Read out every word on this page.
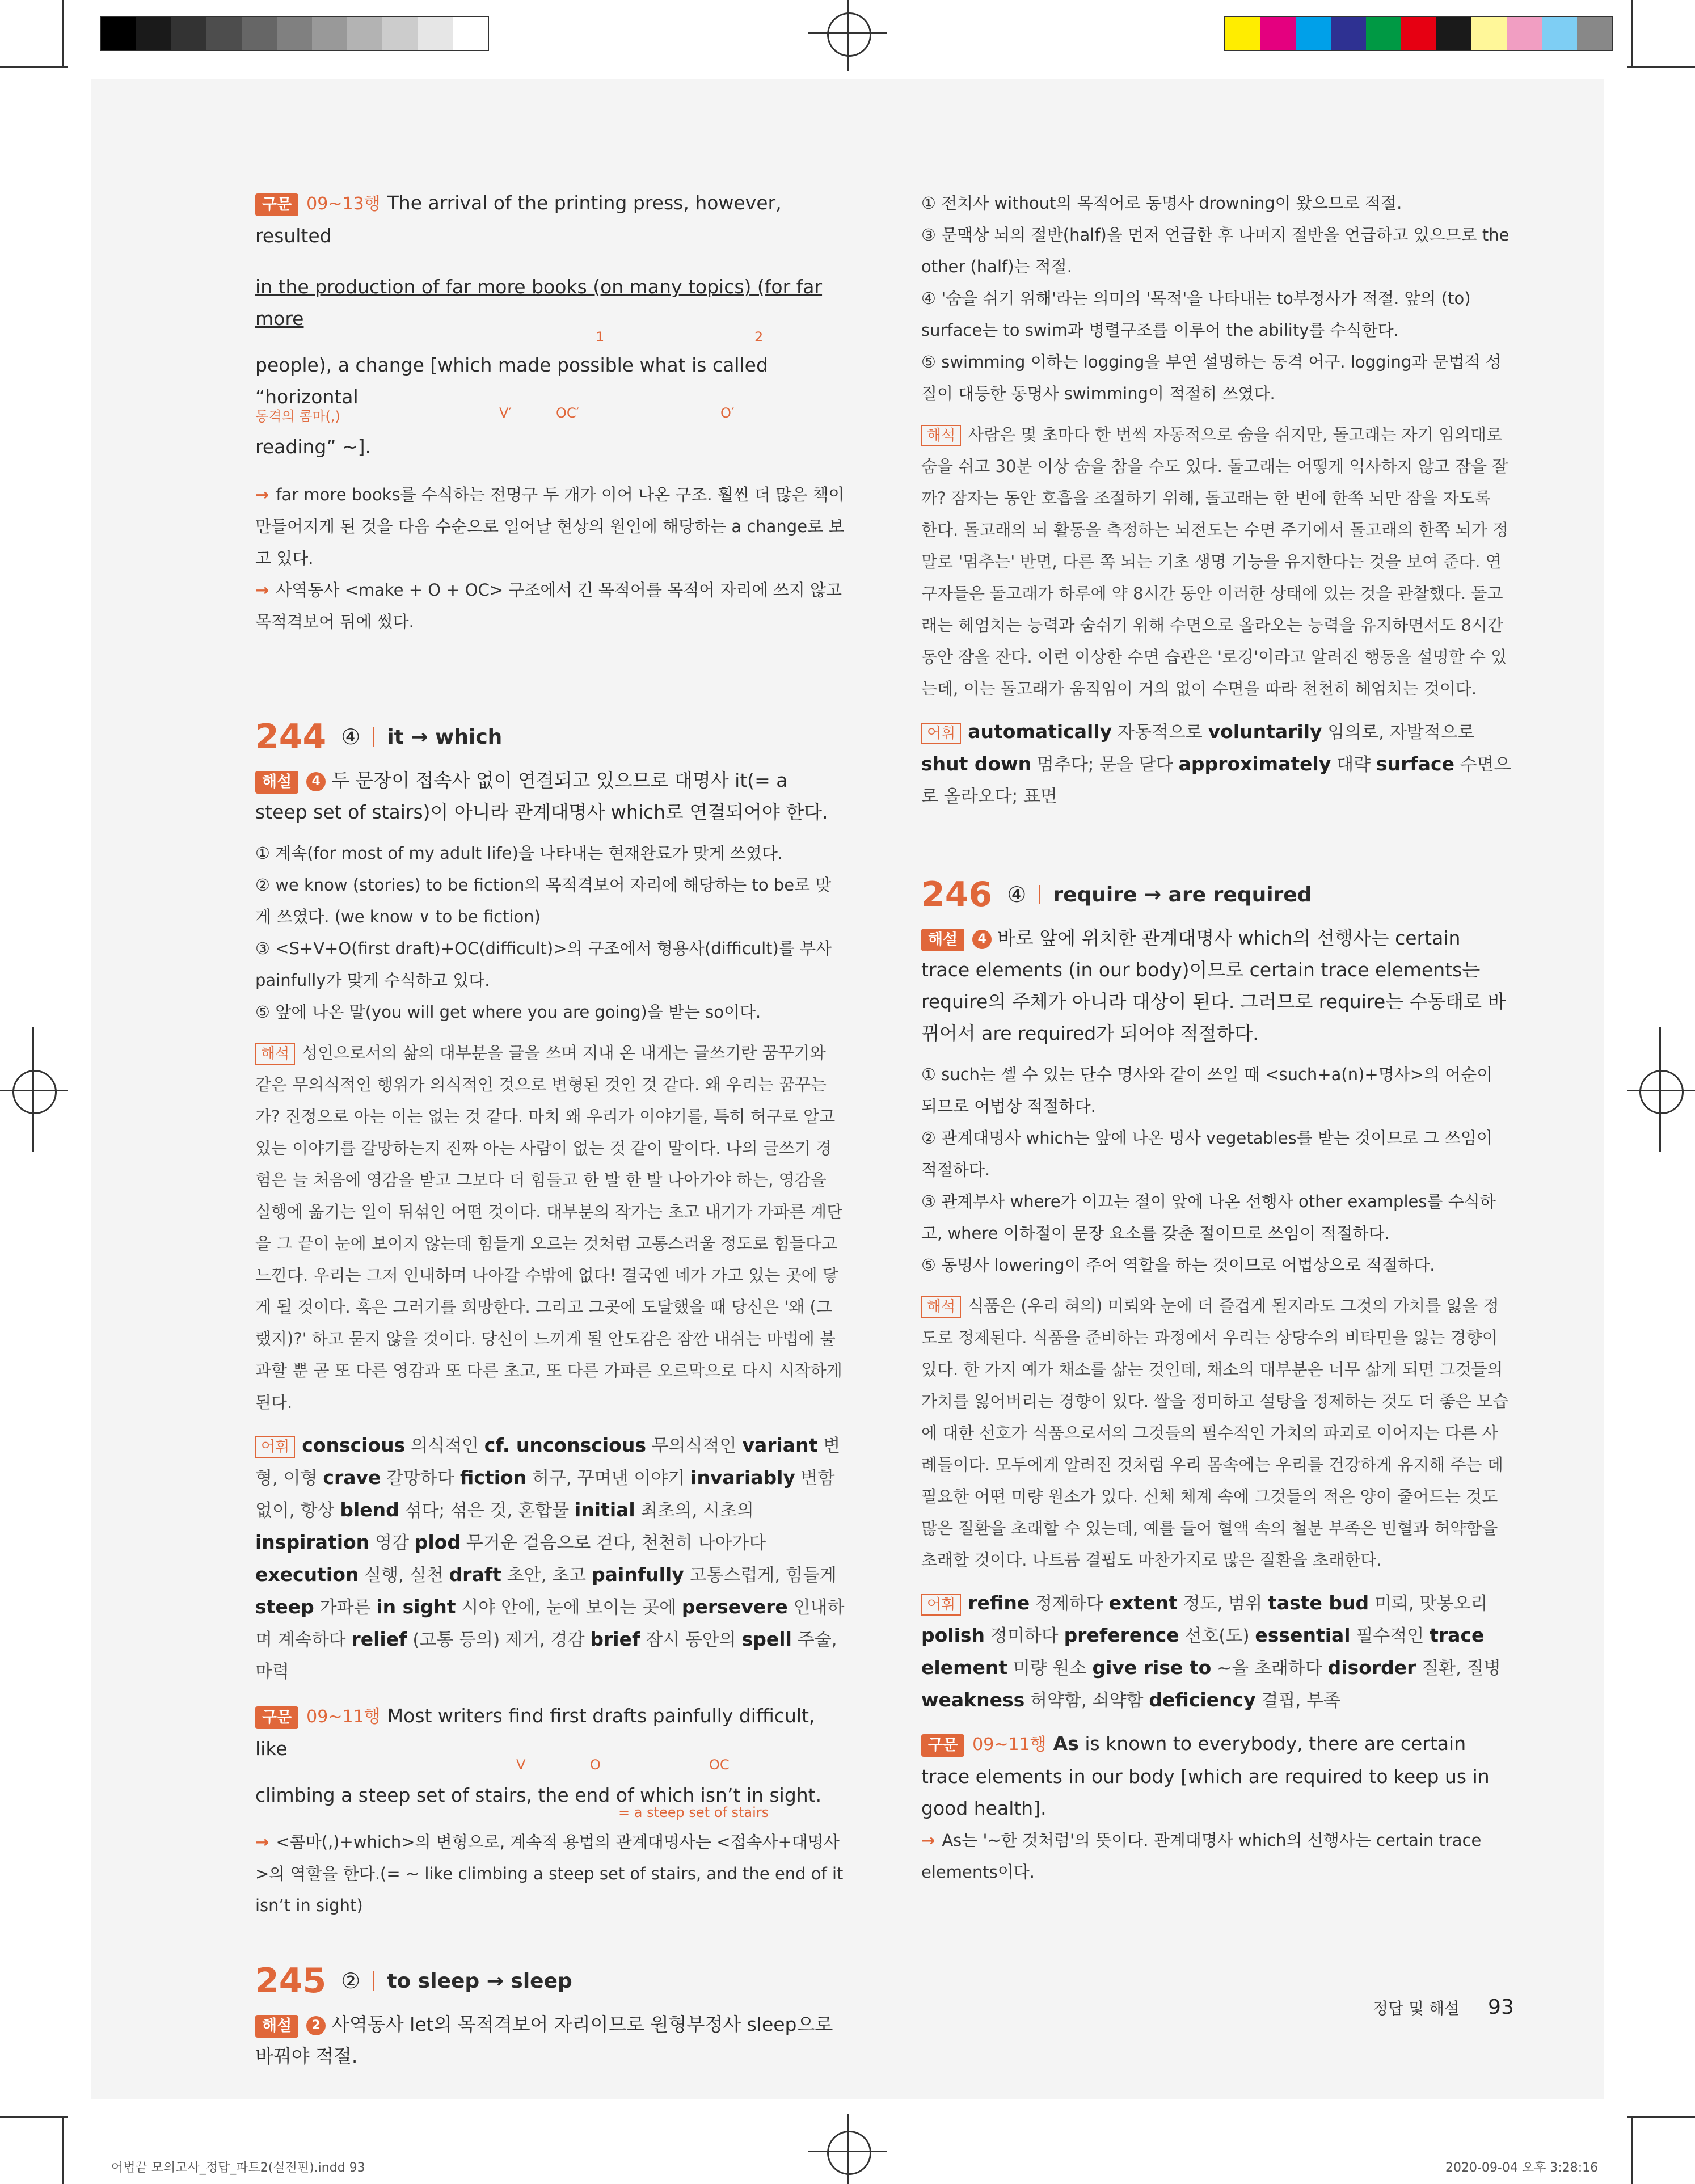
구문 09~13행 The arrival of the printing press, however, resulted

in the production of far more books (on many topics) (for far more

1	2

people), a change [which made possible what is called “horizontal

동격의 콤마(,)	V′	OC′	O′

reading” ~].

→ far more books를 수식하는 전명구 두 개가 이어 나온 구조. 훨씬 더 많은 책이 만들어지게 된 것을 다음 수순으로 일어날 현상의 원인에 해당하는 a change로 보고 있다.

→ 사역동사 <make + O + OC> 구조에서 긴 목적어를 목적어 자리에 쓰지 않고 목적격보어 뒤에 썼다.

244 ④ it → which

해설 4 두 문장이 접속사 없이 연결되고 있으므로 대명사 it(= a steep set of stairs)이 아니라 관계대명사 which로 연결되어야 한다.

① 계속(for most of my adult life)을 나타내는 현재완료가 맞게 쓰였다.

② we know (stories) to be fiction의 목적격보어 자리에 해당하는 to be로 맞게 쓰였다. (we know ∨ to be fiction)

③ <S+V+O(first draft)+OC(difficult)>의 구조에서 형용사(difficult)를 부사 painfully가 맞게 수식하고 있다.

⑤ 앞에 나온 말(you will get where you are going)을 받는 so이다.

해석 성인으로서의 삶의 대부분을 글을 쓰며 지내 온 내게는 글쓰기란 꿈꾸기와 같은 무의식적인 행위가 의식적인 것으로 변형된 것인 것 같다. 왜 우리는 꿈꾸는가? 진정으로 아는 이는 없는 것 같다. 마치 왜 우리가 이야기를, 특히 허구로 알고 있는 이야기를 갈망하는지 진짜 아는 사람이 없는 것 같이 말이다. 나의 글쓰기 경험은 늘 처음에 영감을 받고 그보다 더 힘들고 한 발 한 발 나아가야 하는, 영감을 실행에 옮기는 일이 뒤섞인 어떤 것이다. 대부분의 작가는 초고 내기가 가파른 계단을 그 끝이 눈에 보이지 않는데 힘들게 오르는 것처럼 고통스러울 정도로 힘들다고 느낀다. 우리는 그저 인내하며 나아갈 수밖에 없다! 결국엔 네가 가고 있는 곳에 닿게 될 것이다. 혹은 그러기를 희망한다. 그리고 그곳에 도달했을 때 당신은 '왜 (그랬지)?' 하고 묻지 않을 것이다. 당신이 느끼게 될 안도감은 잠깐 내쉬는 마법에 불과할 뿐 곧 또 다른 영감과 또 다른 초고, 또 다른 가파른 오르막으로 다시 시작하게 된다.

어휘 conscious 의식적인 cf. unconscious 무의식적인 variant 변형, 이형 crave 갈망하다 fiction 허구, 꾸며낸 이야기 invariably 변함없이, 항상 blend 섞다; 섞은 것, 혼합물 initial 최초의, 시초의 inspiration 영감 plod 무거운 걸음으로 걷다, 천천히 나아가다 execution 실행, 실천 draft 초안, 초고 painfully 고통스럽게, 힘들게 steep 가파른 in sight 시야 안에, 눈에 보이는 곳에 persevere 인내하며 계속하다 relief (고통 등의) 제거, 경감 brief 잠시 동안의 spell 주술, 마력

구문 09~11행 Most writers find first drafts painfully difficult, like

V	O	OC

climbing a steep set of stairs, the end of which isn’t in sight.

= a steep set of stairs

→ <콤마(,)+which>의 변형으로, 계속적 용법의 관계대명사는 <접속사+대명사>의 역할을 한다.(= ~ like climbing a steep set of stairs, and the end of it isn’t in sight)

245 ② to sleep → sleep

해설 2 사역동사 let의 목적격보어 자리이므로 원형부정사 sleep으로 바꿔야 적절.

① 전치사 without의 목적어로 동명사 drowning이 왔으므로 적절.

③ 문맥상 뇌의 절반(half)을 먼저 언급한 후 나머지 절반을 언급하고 있으므로 the other (half)는 적절.

④ '숨을 쉬기 위해'라는 의미의 '목적'을 나타내는 to부정사가 적절. 앞의 (to) surface는 to swim과 병렬구조를 이루어 the ability를 수식한다.

⑤ swimming 이하는 logging을 부연 설명하는 동격 어구. logging과 문법적 성질이 대등한 동명사 swimming이 적절히 쓰였다.

해석 사람은 몇 초마다 한 번씩 자동적으로 숨을 쉬지만, 돌고래는 자기 임의대로 숨을 쉬고 30분 이상 숨을 참을 수도 있다. 돌고래는 어떻게 익사하지 않고 잠을 잘까? 잠자는 동안 호흡을 조절하기 위해, 돌고래는 한 번에 한쪽 뇌만 잠을 자도록 한다. 돌고래의 뇌 활동을 측정하는 뇌전도는 수면 주기에서 돌고래의 한쪽 뇌가 정말로 '멈추는' 반면, 다른 쪽 뇌는 기초 생명 기능을 유지한다는 것을 보여 준다. 연구자들은 돌고래가 하루에 약 8시간 동안 이러한 상태에 있는 것을 관찰했다. 돌고래는 헤엄치는 능력과 숨쉬기 위해 수면으로 올라오는 능력을 유지하면서도 8시간 동안 잠을 잔다. 이런 이상한 수면 습관은 '로깅'이라고 알려진 행동을 설명할 수 있는데, 이는 돌고래가 움직임이 거의 없이 수면을 따라 천천히 헤엄치는 것이다.

어휘 automatically 자동적으로 voluntarily 임의로, 자발적으로 shut down 멈추다; 문을 닫다 approximately 대략 surface 수면으로 올라오다; 표면

246 ④ require → are required

해설 4 바로 앞에 위치한 관계대명사 which의 선행사는 certain trace elements (in our body)이므로 certain trace elements는 require의 주체가 아니라 대상이 된다. 그러므로 require는 수동태로 바뀌어서 are required가 되어야 적절하다.

① such는 셀 수 있는 단수 명사와 같이 쓰일 때 <such+a(n)+명사>의 어순이 되므로 어법상 적절하다.

② 관계대명사 which는 앞에 나온 명사 vegetables를 받는 것이므로 그 쓰임이 적절하다.

③ 관계부사 where가 이끄는 절이 앞에 나온 선행사 other examples를 수식하고, where 이하절이 문장 요소를 갖춘 절이므로 쓰임이 적절하다.

⑤ 동명사 lowering이 주어 역할을 하는 것이므로 어법상으로 적절하다.

해석 식품은 (우리 혀의) 미뢰와 눈에 더 즐겁게 될지라도 그것의 가치를 잃을 정도로 정제된다. 식품을 준비하는 과정에서 우리는 상당수의 비타민을 잃는 경향이 있다. 한 가지 예가 채소를 삶는 것인데, 채소의 대부분은 너무 삶게 되면 그것들의 가치를 잃어버리는 경향이 있다. 쌀을 정미하고 설탕을 정제하는 것도 더 좋은 모습에 대한 선호가 식품으로서의 그것들의 필수적인 가치의 파괴로 이어지는 다른 사례들이다. 모두에게 알려진 것처럼 우리 몸속에는 우리를 건강하게 유지해 주는 데 필요한 어떤 미량 원소가 있다. 신체 체계 속에 그것들의 적은 양이 줄어드는 것도 많은 질환을 초래할 수 있는데, 예를 들어 혈액 속의 철분 부족은 빈혈과 허약함을 초래할 것이다. 나트륨 결핍도 마찬가지로 많은 질환을 초래한다.

어휘 refine 정제하다 extent 정도, 범위 taste bud 미뢰, 맛봉오리 polish 정미하다 preference 선호(도) essential 필수적인 trace element 미량 원소 give rise to ~을 초래하다 disorder 질환, 질병 weakness 허약함, 쇠약함 deficiency 결핍, 부족

구문 09~11행 As is known to everybody, there are certain trace elements in our body [which are required to keep us in good health].

→ As는 '~한 것처럼'의 뜻이다. 관계대명사 which의 선행사는 certain trace elements이다.

정답 및 해설 93
어법끝 모의고사_정답_파트2(실전편).indd 93	2020-09-04 오후 3:28:16
